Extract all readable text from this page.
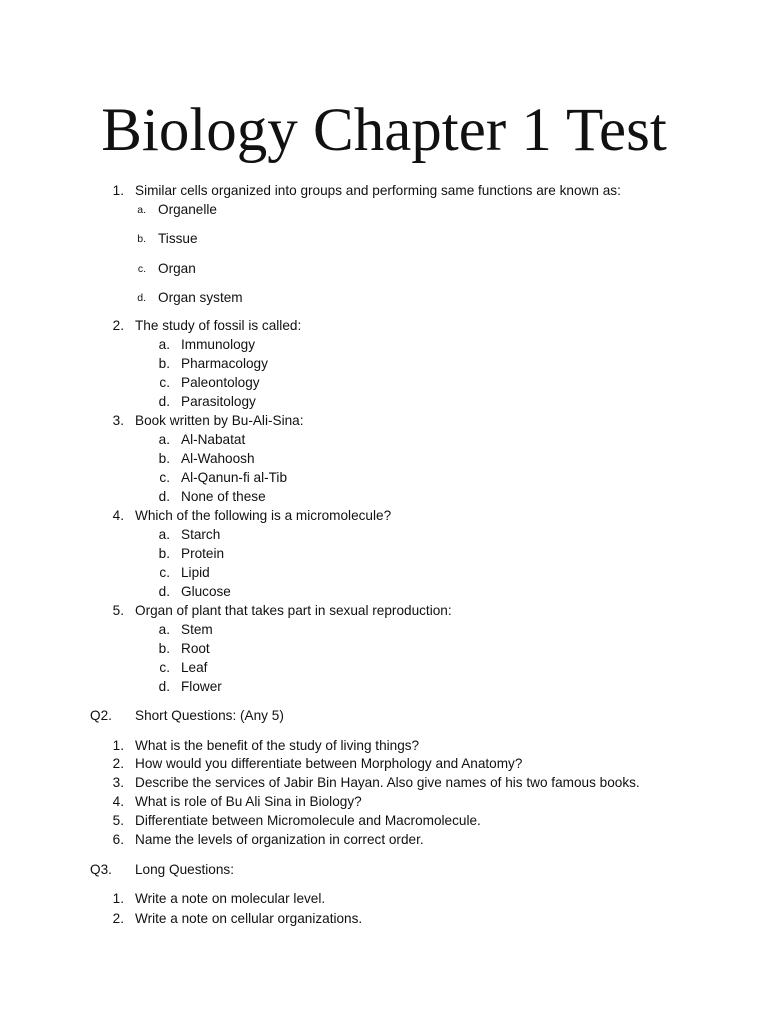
Biology Chapter 1 Test
1. Similar cells organized into groups and performing same functions are known as:
a. Organelle
b. Tissue
c. Organ
d. Organ system
2. The study of fossil is called:
a. Immunology
b. Pharmacology
c. Paleontology
d. Parasitology
3. Book written by Bu-Ali-Sina:
a. Al-Nabatat
b. Al-Wahoosh
c. Al-Qanun-fi al-Tib
d. None of these
4. Which of the following is a micromolecule?
a. Starch
b. Protein
c. Lipid
d. Glucose
5. Organ of plant that takes part in sexual reproduction:
a. Stem
b. Root
c. Leaf
d. Flower
Q2. Short Questions: (Any 5)
1. What is the benefit of the study of living things?
2. How would you differentiate between Morphology and Anatomy?
3. Describe the services of Jabir Bin Hayan. Also give names of his two famous books.
4. What is role of Bu Ali Sina in Biology?
5. Differentiate between Micromolecule and Macromolecule.
6. Name the levels of organization in correct order.
Q3. Long Questions:
1. Write a note on molecular level.
2. Write a note on cellular organizations.
